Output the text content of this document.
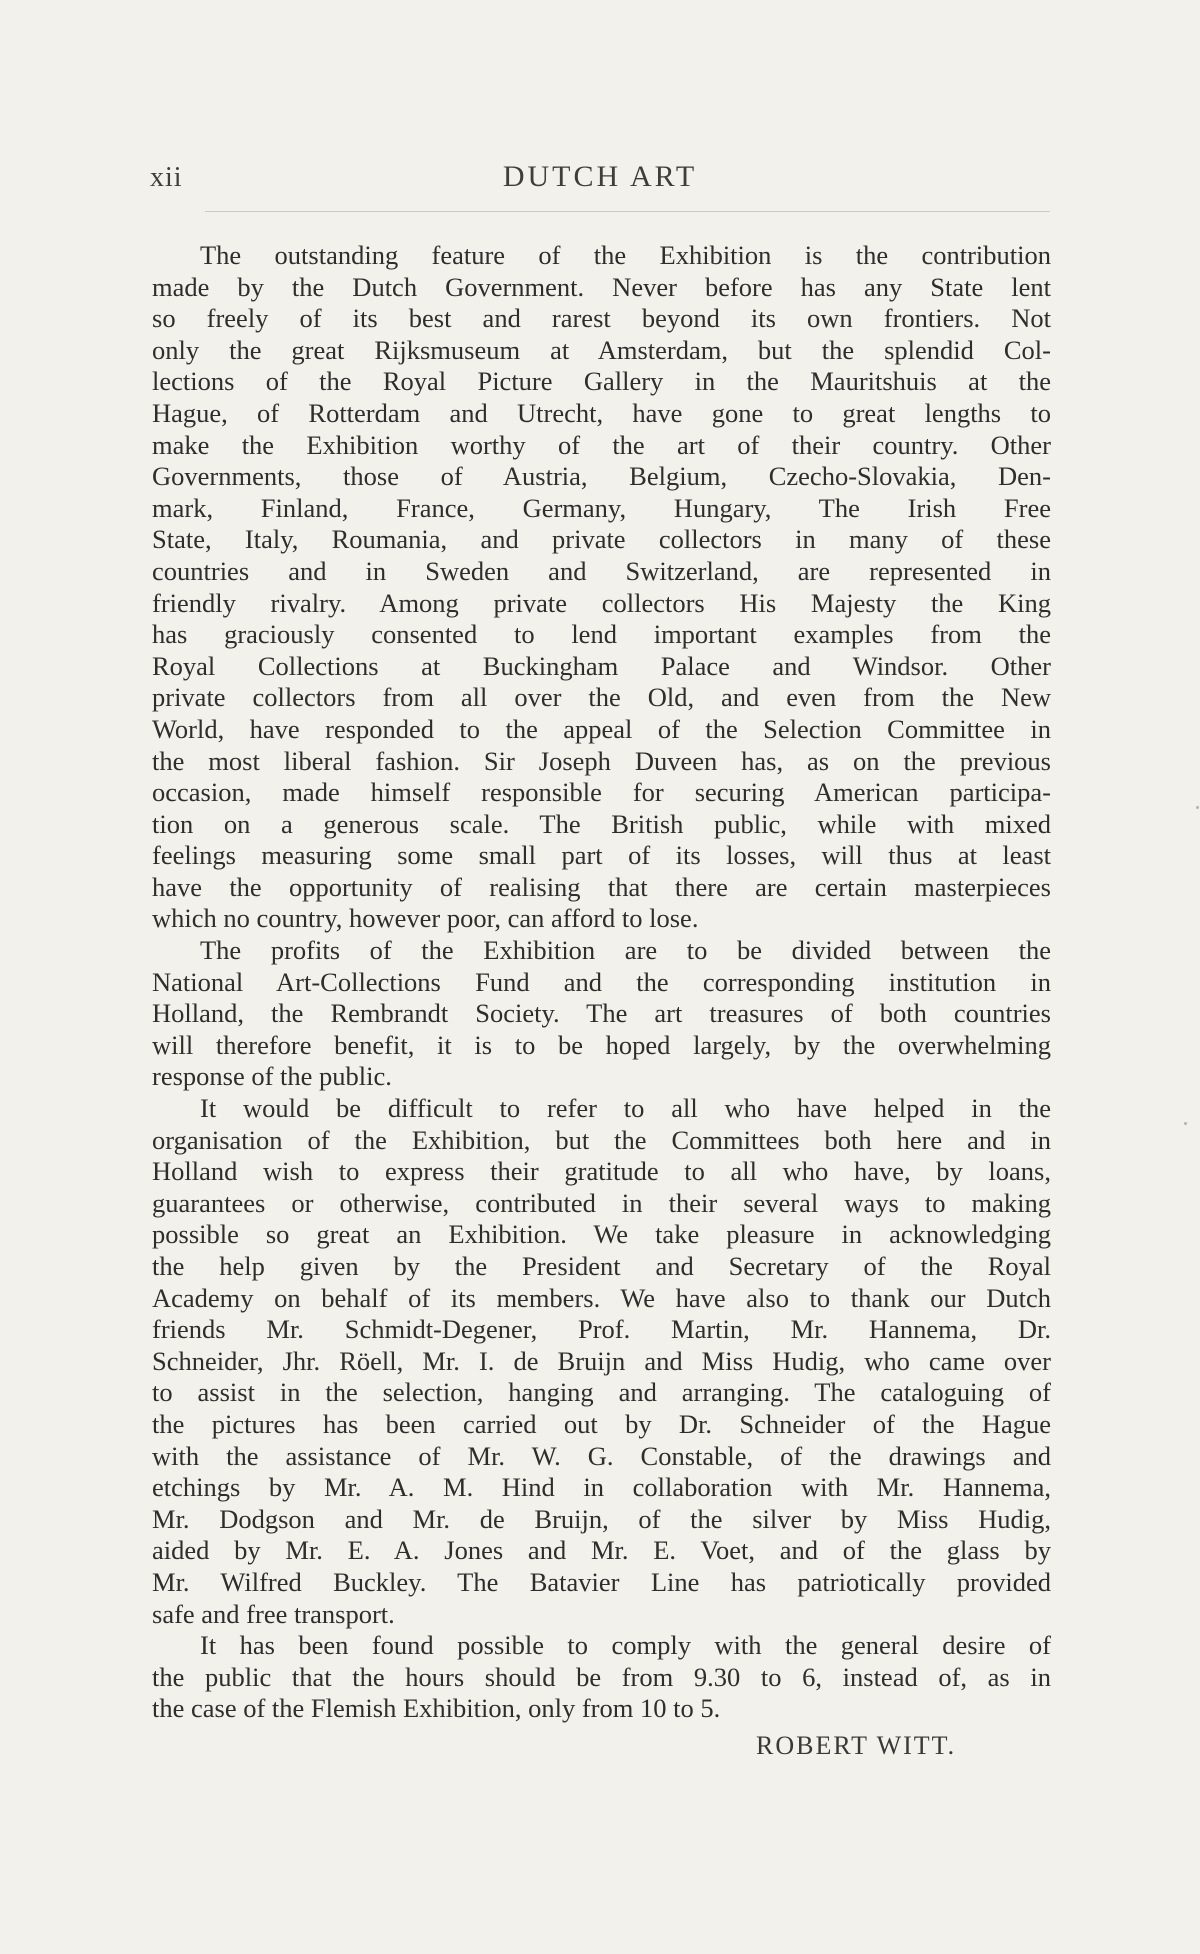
xii	DUTCH ART
The outstanding feature of the Exhibition is the contribution
made by the Dutch Government. Never before has any State lent
so freely of its best and rarest beyond its own frontiers. Not
only the great Rijksmuseum at Amsterdam, but the splendid Col-
lections of the Royal Picture Gallery in the Mauritshuis at the
Hague, of Rotterdam and Utrecht, have gone to great lengths to
make the Exhibition worthy of the art of their country. Other
Governments, those of Austria, Belgium, Czecho-Slovakia, Den-
mark, Finland, France, Germany, Hungary, The Irish Free
State, Italy, Roumania, and private collectors in many of these
countries and in Sweden and Switzerland, are represented in
friendly rivalry. Among private collectors His Majesty the King
has graciously consented to lend important examples from the
Royal Collections at Buckingham Palace and Windsor. Other
private collectors from all over the Old, and even from the New
World, have responded to the appeal of the Selection Committee in
the most liberal fashion. Sir Joseph Duveen has, as on the previous
occasion, made himself responsible for securing American participa-
tion on a generous scale. The British public, while with mixed
feelings measuring some small part of its losses, will thus at least
have the opportunity of realising that there are certain masterpieces
which no country, however poor, can afford to lose.
The profits of the Exhibition are to be divided between the
National Art-Collections Fund and the corresponding institution in
Holland, the Rembrandt Society. The art treasures of both countries
will therefore benefit, it is to be hoped largely, by the overwhelming
response of the public.
It would be difficult to refer to all who have helped in the
organisation of the Exhibition, but the Committees both here and in
Holland wish to express their gratitude to all who have, by loans,
guarantees or otherwise, contributed in their several ways to making
possible so great an Exhibition. We take pleasure in acknowledging
the help given by the President and Secretary of the Royal
Academy on behalf of its members. We have also to thank our Dutch
friends Mr. Schmidt-Degener, Prof. Martin, Mr. Hannema, Dr.
Schneider, Jhr. Röell, Mr. I. de Bruijn and Miss Hudig, who came over
to assist in the selection, hanging and arranging. The cataloguing of
the pictures has been carried out by Dr. Schneider of the Hague
with the assistance of Mr. W. G. Constable, of the drawings and
etchings by Mr. A. M. Hind in collaboration with Mr. Hannema,
Mr. Dodgson and Mr. de Bruijn, of the silver by Miss Hudig,
aided by Mr. E. A. Jones and Mr. E. Voet, and of the glass by
Mr. Wilfred Buckley. The Batavier Line has patriotically provided
safe and free transport.
It has been found possible to comply with the general desire of
the public that the hours should be from 9.30 to 6, instead of, as in
the case of the Flemish Exhibition, only from 10 to 5.
ROBERT WITT.
